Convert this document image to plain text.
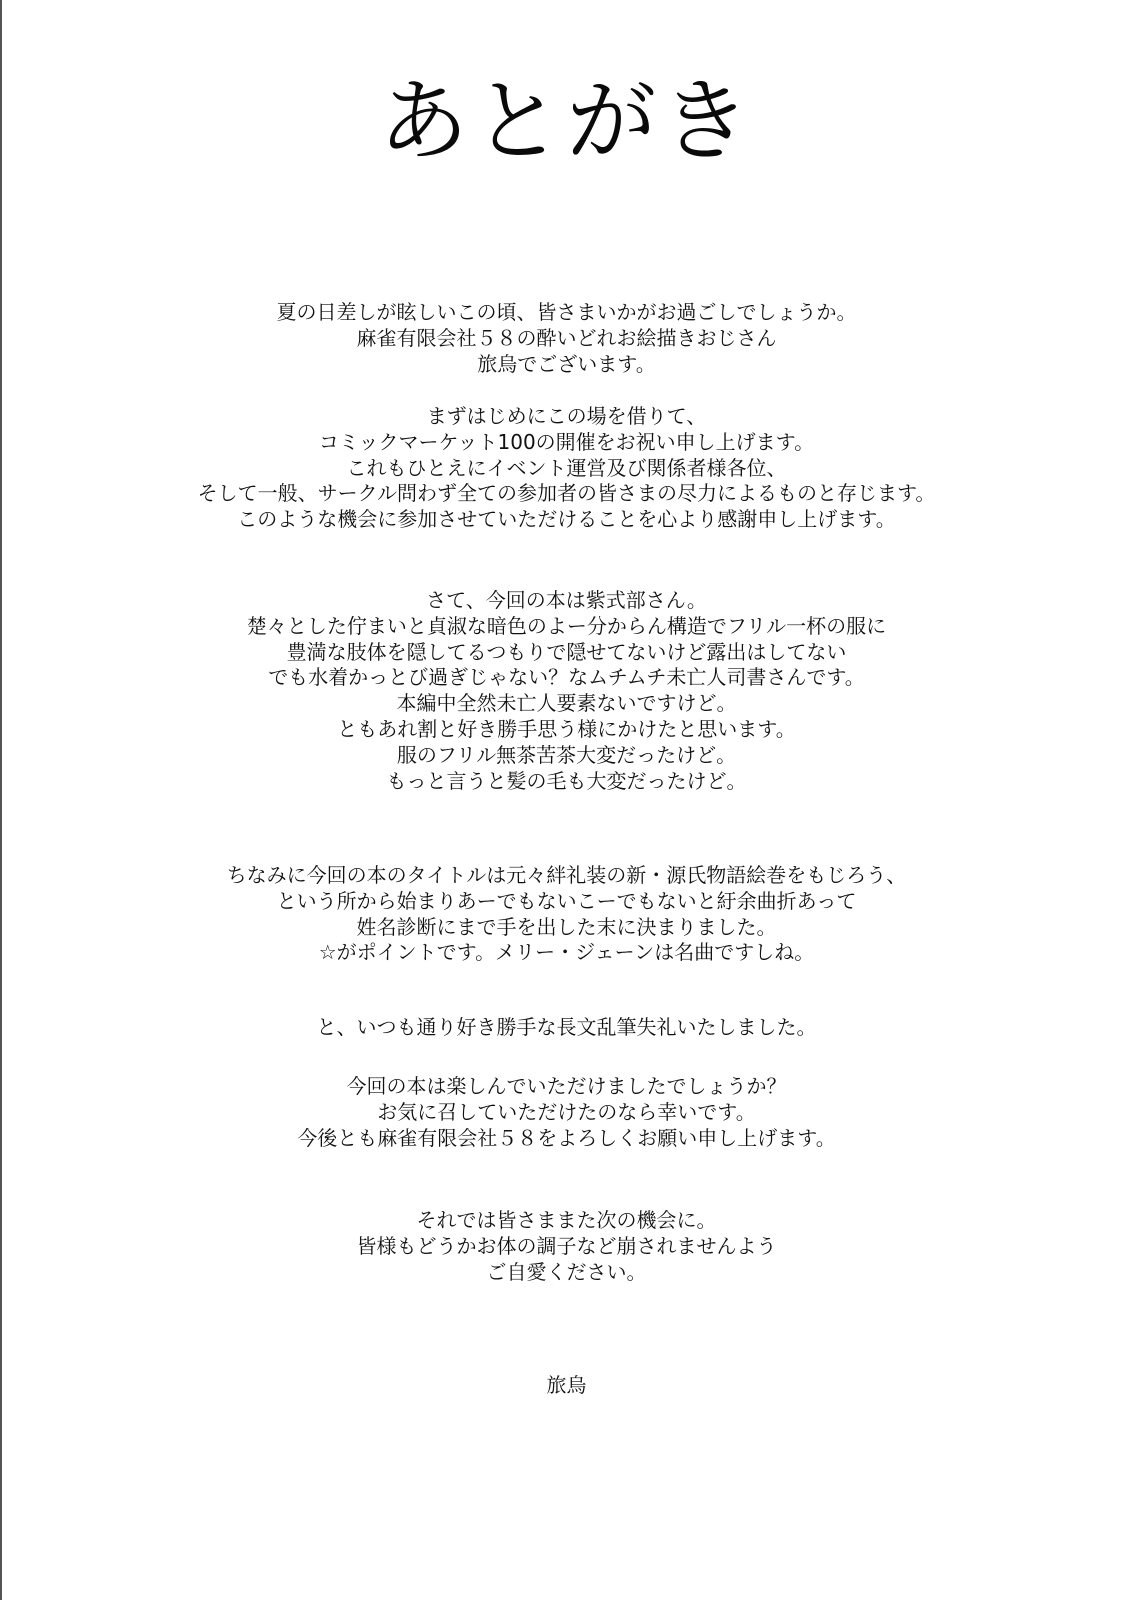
あとがき
夏の日差しが眩しいこの頃、皆さまいかがお過ごしでしょうか。
麻雀有限会社５８の酔いどれお絵描きおじさん
旅烏でございます。
まずはじめにこの場を借りて、
コミックマーケット100の開催をお祝い申し上げます。
これもひとえにイベント運営及び関係者様各位、
そして一般、サークル問わず全ての参加者の皆さまの尽力によるものと存じます。
このような機会に参加させていただけることを心より感謝申し上げます。
さて、今回の本は紫式部さん。
楚々とした佇まいと貞淑な暗色のよー分からん構造でフリル一杯の服に
豊満な肢体を隠してるつもりで隠せてないけど露出はしてない
でも水着かっとび過ぎじゃない？なムチムチ未亡人司書さんです。
本編中全然未亡人要素ないですけど。
ともあれ割と好き勝手思う様にかけたと思います。
服のフリル無茶苦茶大変だったけど。
もっと言うと髪の毛も大変だったけど。
ちなみに今回の本のタイトルは元々絆礼装の新・源氏物語絵巻をもじろう、
という所から始まりあーでもないこーでもないと紆余曲折あって
姓名診断にまで手を出した末に決まりました。
☆がポイントです。メリー・ジェーンは名曲ですしね。
と、いつも通り好き勝手な長文乱筆失礼いたしました。
今回の本は楽しんでいただけましたでしょうか？
お気に召していただけたのなら幸いです。
今後とも麻雀有限会社５８をよろしくお願い申し上げます。
それでは皆さままた次の機会に。
皆様もどうかお体の調子など崩されませんよう
ご自愛ください。

旅烏
